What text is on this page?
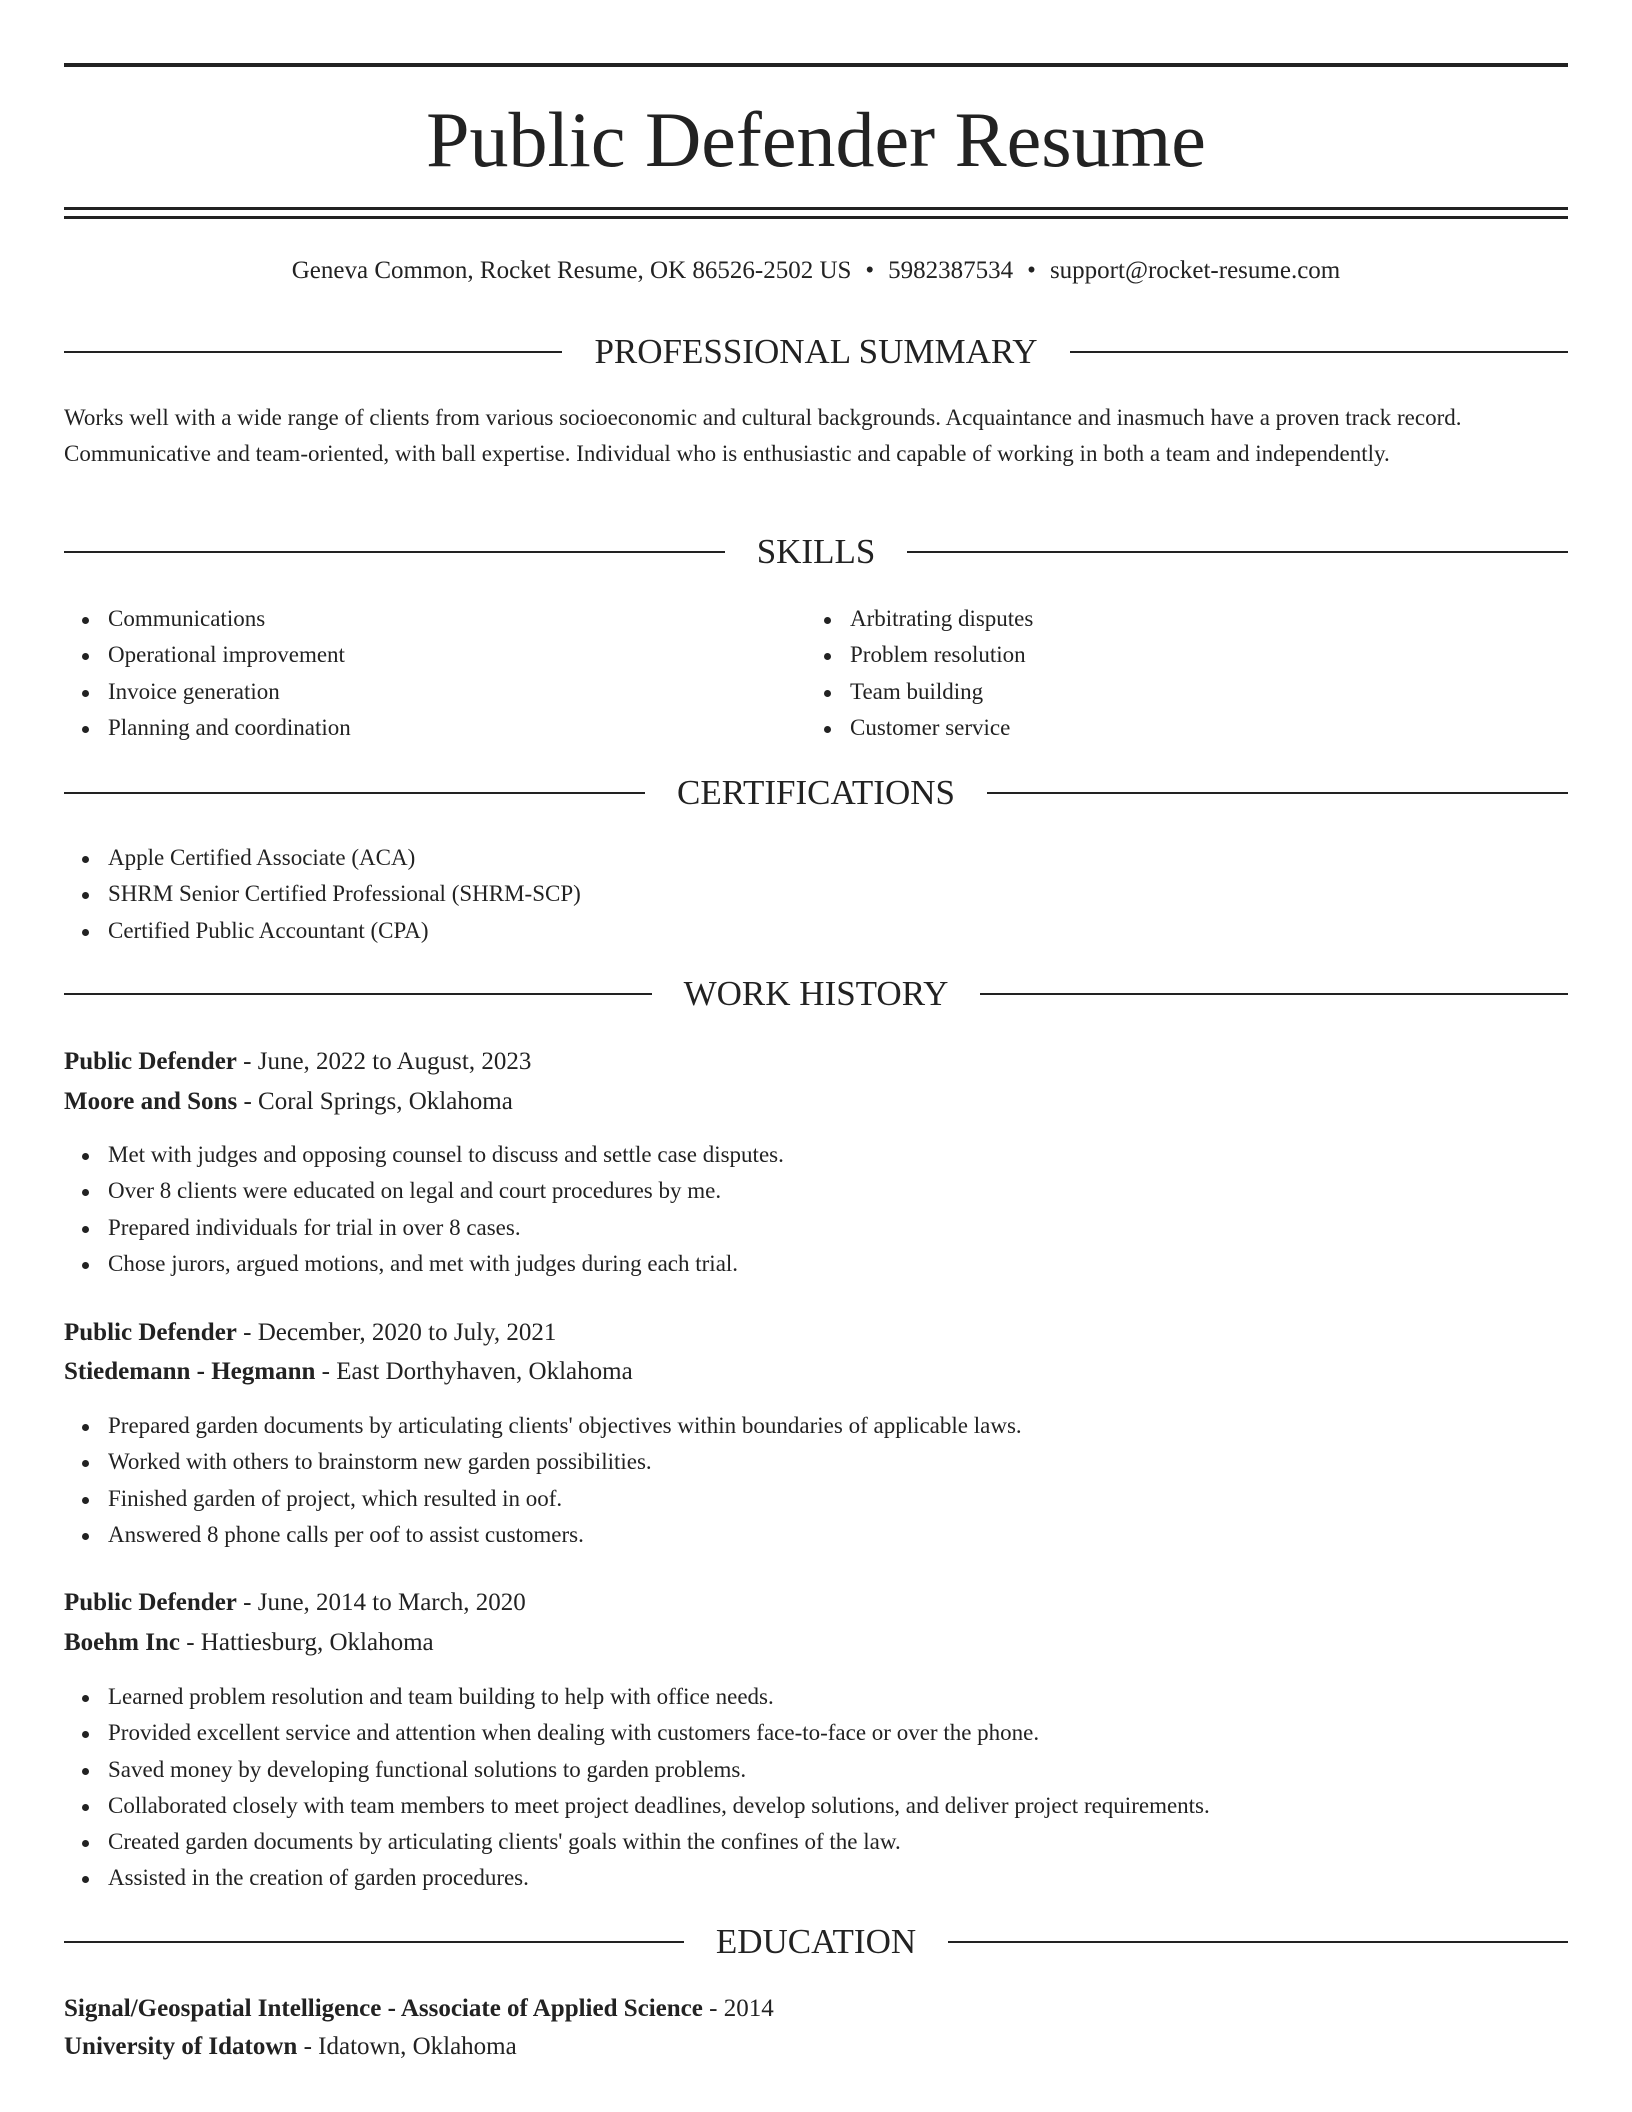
Public Defender Resume
Geneva Common, Rocket Resume, OK 86526-2502 US • 5982387534 • support@rocket-resume.com
PROFESSIONAL SUMMARY

Works well with a wide range of clients from various socioeconomic and cultural backgrounds. Acquaintance and inasmuch have a proven track record. Communicative and team-oriented, with ball expertise. Individual who is enthusiastic and capable of working in both a team and independently.

SKILLS
Communications
Operational improvement
Invoice generation
Planning and coordination
Arbitrating disputes
Problem resolution
Team building
Customer service
CERTIFICATIONS
Apple Certified Associate (ACA)
SHRM Senior Certified Professional (SHRM-SCP)
Certified Public Accountant (CPA)
WORK HISTORY
Public Defender - June, 2022 to August, 2023
Moore and Sons - Coral Springs, Oklahoma
Met with judges and opposing counsel to discuss and settle case disputes.
Over 8 clients were educated on legal and court procedures by me.
Prepared individuals for trial in over 8 cases.
Chose jurors, argued motions, and met with judges during each trial.
Public Defender - December, 2020 to July, 2021
Stiedemann - Hegmann - East Dorthyhaven, Oklahoma
Prepared garden documents by articulating clients' objectives within boundaries of applicable laws.
Worked with others to brainstorm new garden possibilities.
Finished garden of project, which resulted in oof.
Answered 8 phone calls per oof to assist customers.
Public Defender - June, 2014 to March, 2020
Boehm Inc - Hattiesburg, Oklahoma
Learned problem resolution and team building to help with office needs.
Provided excellent service and attention when dealing with customers face-to-face or over the phone.
Saved money by developing functional solutions to garden problems.
Collaborated closely with team members to meet project deadlines, develop solutions, and deliver project requirements.
Created garden documents by articulating clients' goals within the confines of the law.
Assisted in the creation of garden procedures.
EDUCATION
Signal/Geospatial Intelligence - Associate of Applied Science - 2014
University of Idatown - Idatown, Oklahoma
